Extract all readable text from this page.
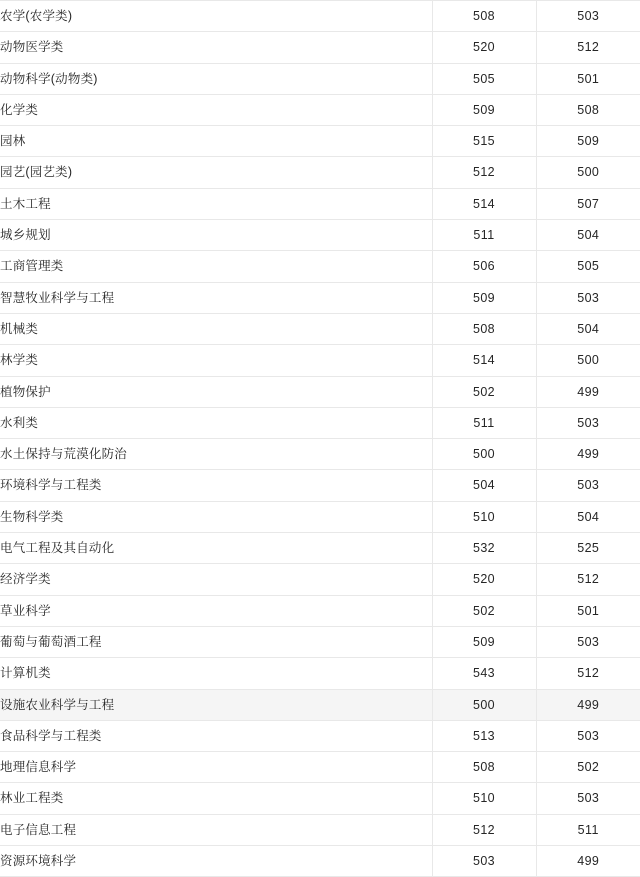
农学(农学类)	508	503
动物医学类	520	512
动物科学(动物类)	505	501
化学类	509	508
园林	515	509
园艺(园艺类)	512	500
土木工程	514	507
城乡规划	511	504
工商管理类	506	505
智慧牧业科学与工程	509	503
机械类	508	504
林学类	514	500
植物保护	502	499
水利类	511	503
水土保持与荒漠化防治	500	499
环境科学与工程类	504	503
生物科学类	510	504
电气工程及其自动化	532	525
经济学类	520	512
草业科学	502	501
葡萄与葡萄酒工程	509	503
计算机类	543	512
设施农业科学与工程	500	499
食品科学与工程类	513	503
地理信息科学	508	502
林业工程类	510	503
电子信息工程	512	511
资源环境科学	503	499
